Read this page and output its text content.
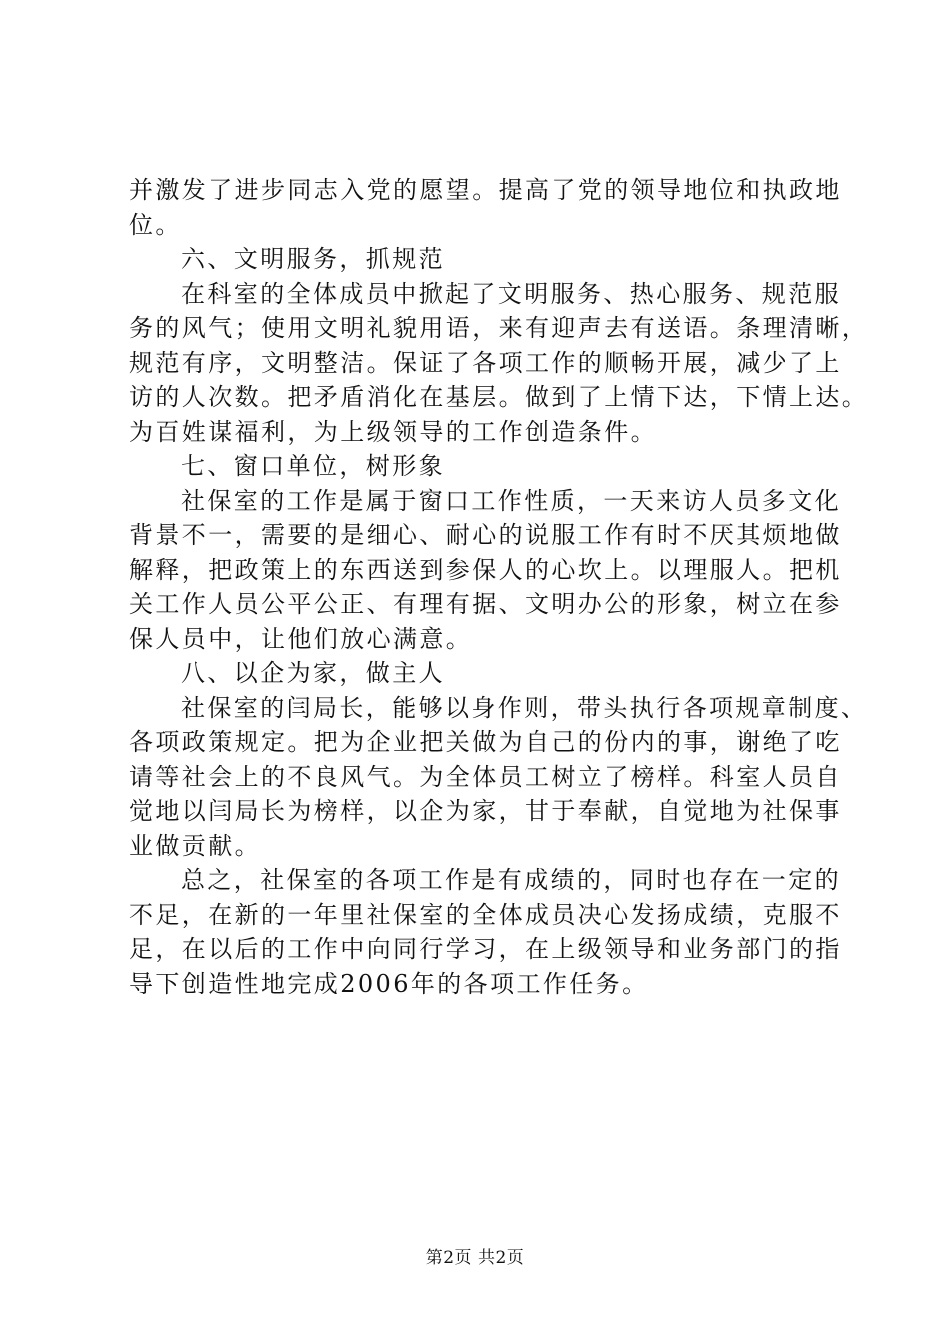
并激发了进步同志入党的愿望。提高了党的领导地位和执政地
位。
六、文明服务，抓规范
在科室的全体成员中掀起了文明服务、热心服务、规范服
务的风气；使用文明礼貌用语，来有迎声去有送语。条理清晰，
规范有序，文明整洁。保证了各项工作的顺畅开展，减少了上
访的人次数。把矛盾消化在基层。做到了上情下达，下情上达。
为百姓谋福利，为上级领导的工作创造条件。
七、窗口单位，树形象
社保室的工作是属于窗口工作性质，一天来访人员多文化
背景不一，需要的是细心、耐心的说服工作有时不厌其烦地做
解释，把政策上的东西送到参保人的心坎上。以理服人。把机
关工作人员公平公正、有理有据、文明办公的形象，树立在参
保人员中，让他们放心满意。
八、以企为家，做主人
社保室的闫局长，能够以身作则，带头执行各项规章制度、
各项政策规定。把为企业把关做为自己的份内的事，谢绝了吃
请等社会上的不良风气。为全体员工树立了榜样。科室人员自
觉地以闫局长为榜样，以企为家，甘于奉献，自觉地为社保事
业做贡献。
总之，社保室的各项工作是有成绩的，同时也存在一定的
不足，在新的一年里社保室的全体成员决心发扬成绩，克服不
足，在以后的工作中向同行学习，在上级领导和业务部门的指
导下创造性地完成2006年的各项工作任务。
第2页 共2页
